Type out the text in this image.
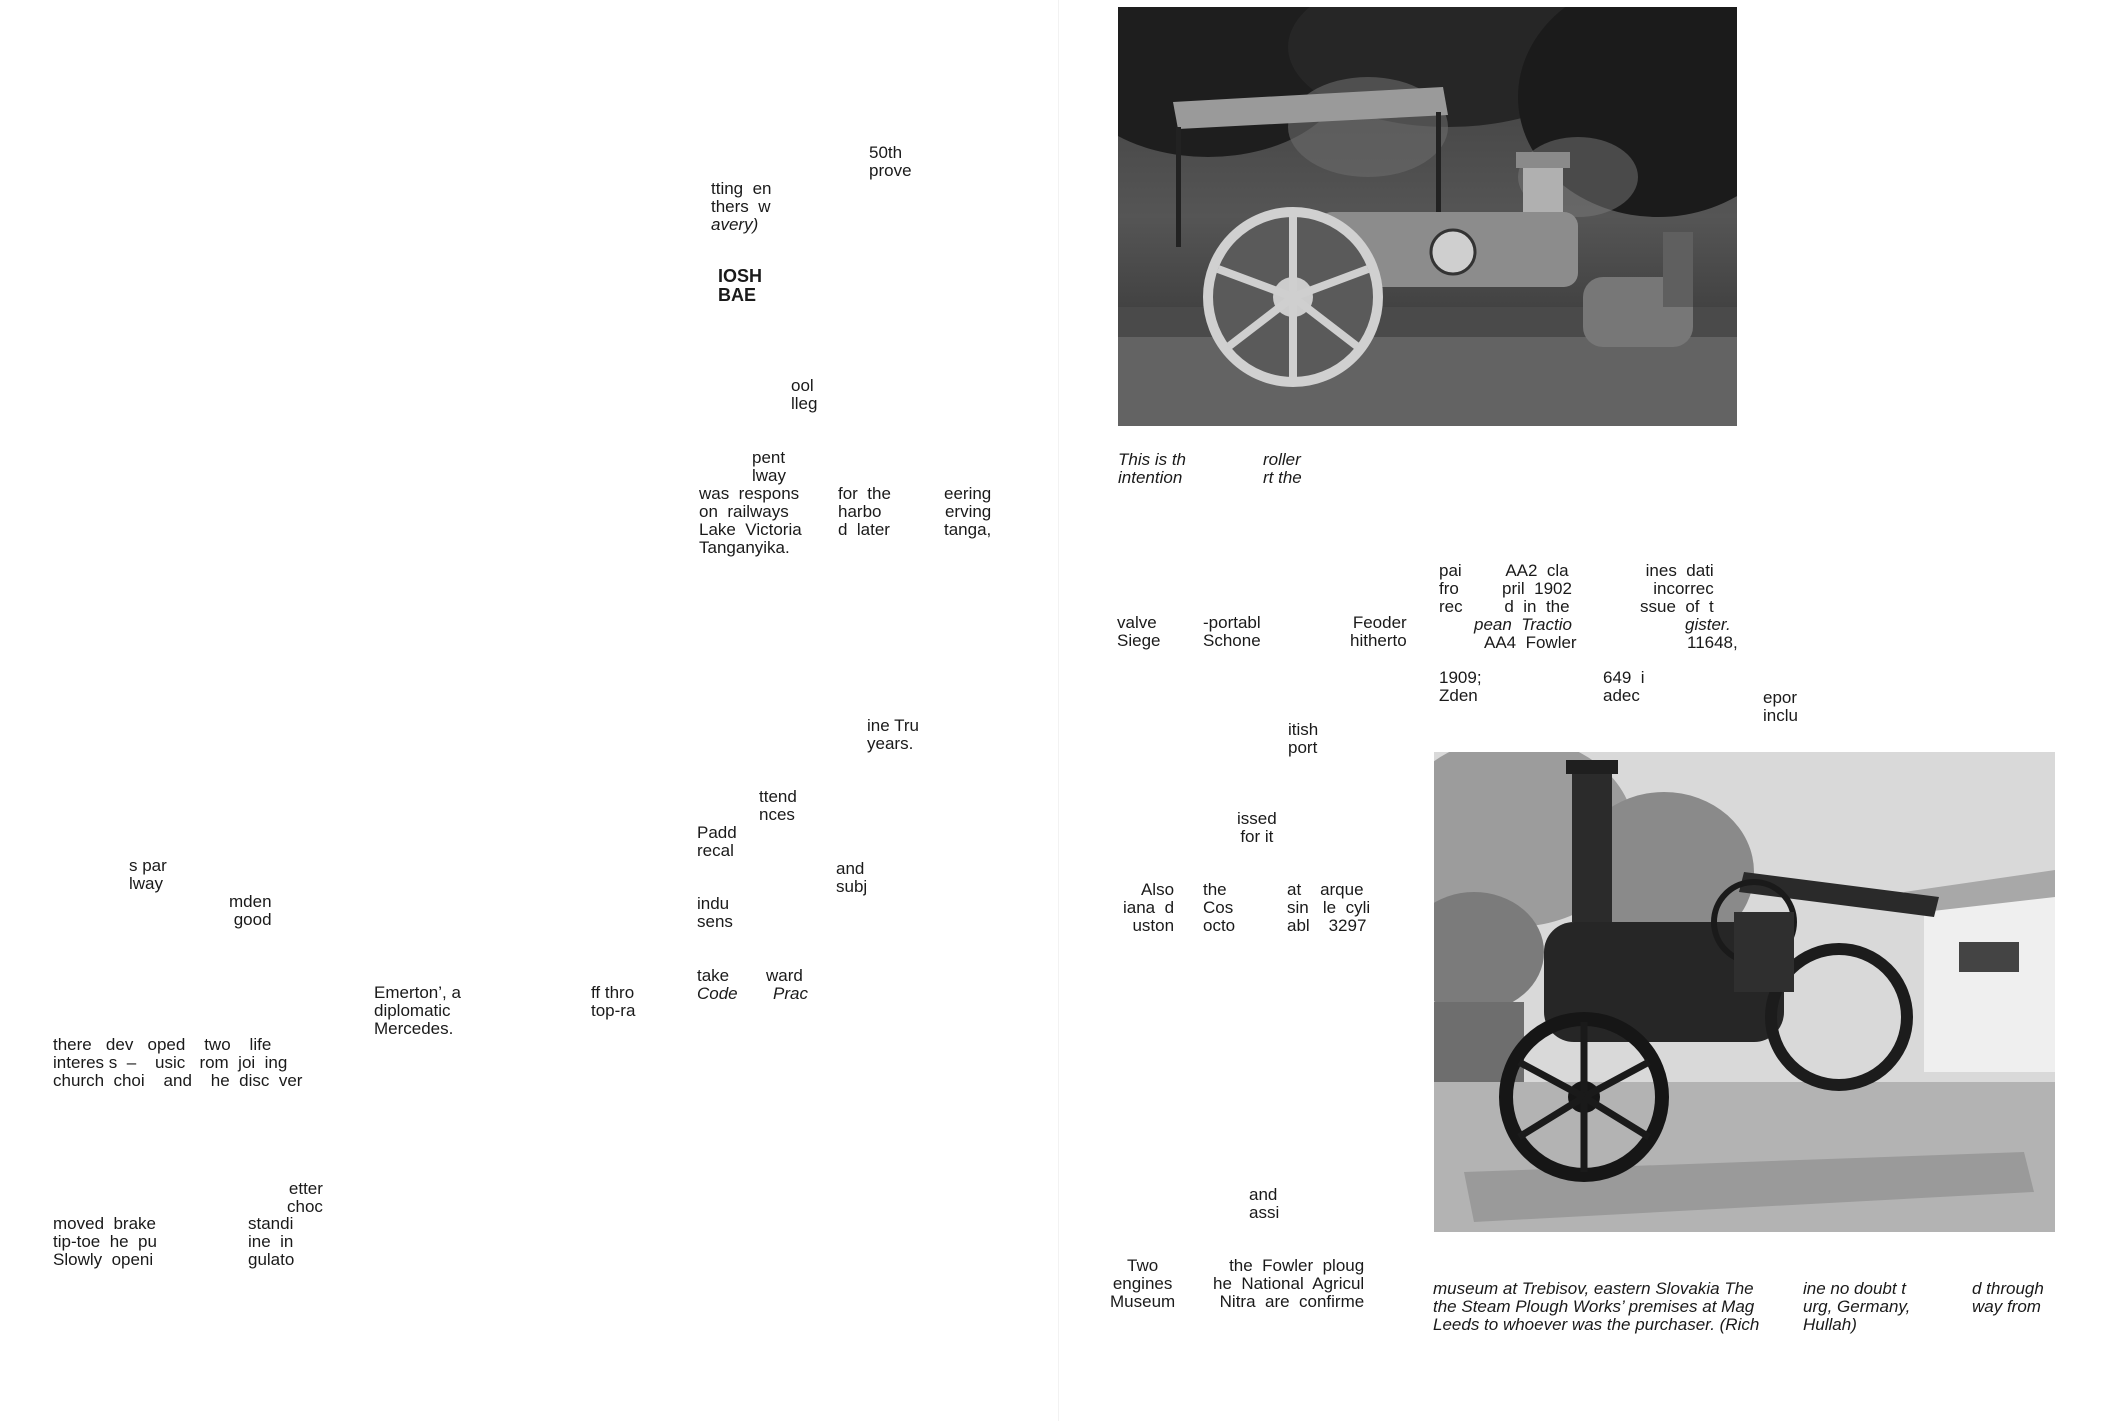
s par
lway
mden
good
there   dev   oped    two    life
interes s  –    usic   rom  joi  ing
church  choi    and    he  disc  ver
etter
choc
moved  brake
tip-toe  he  pu
Slowly  openi
standi
ine  in
gulato
Emerton’, a
diplomatic
Mercedes.
ff thro
top-ra
50th
prove
tting  en
thers  w
avery)
IOSH
BAE
ool
lleg
pent
lway
was  respons
on  railways
Lake  Victoria
Tanganyika.
for  the
harbo
d  later
eering
erving
tanga,
ine Tru
years.
ttend
nces
Padd
recal
and
subj
indu
sens
take
Code
ward
Prac
This is th
intention
roller
rt the
valve
Siege
-portabl
Schone
Feoder
hitherto
itish
port
issed
for it
Also
iana  d
uston
the
Cos
octo
at    arque
sin   le  cyli
abl    3297
and
assi
Two
engines
Museum
the  Fowler  ploug
he  National  Agricul
Nitra  are  confirme
pai
fro
rec
AA2  cla
pril  1902
d  in  the
pean  Tractio
AA4  Fowler
ines  dati
incorrec
ssue  of  t
gister.
11648,
1909;
Zden
649  i
adec	epor
inclu
museum at Trebisov, eastern Slovakia The
the Steam Plough Works’ premises at Mag
Leeds to whoever was the purchaser. (Rich
ine no doubt t
urg, Germany,
Hullah)
d through
way from
